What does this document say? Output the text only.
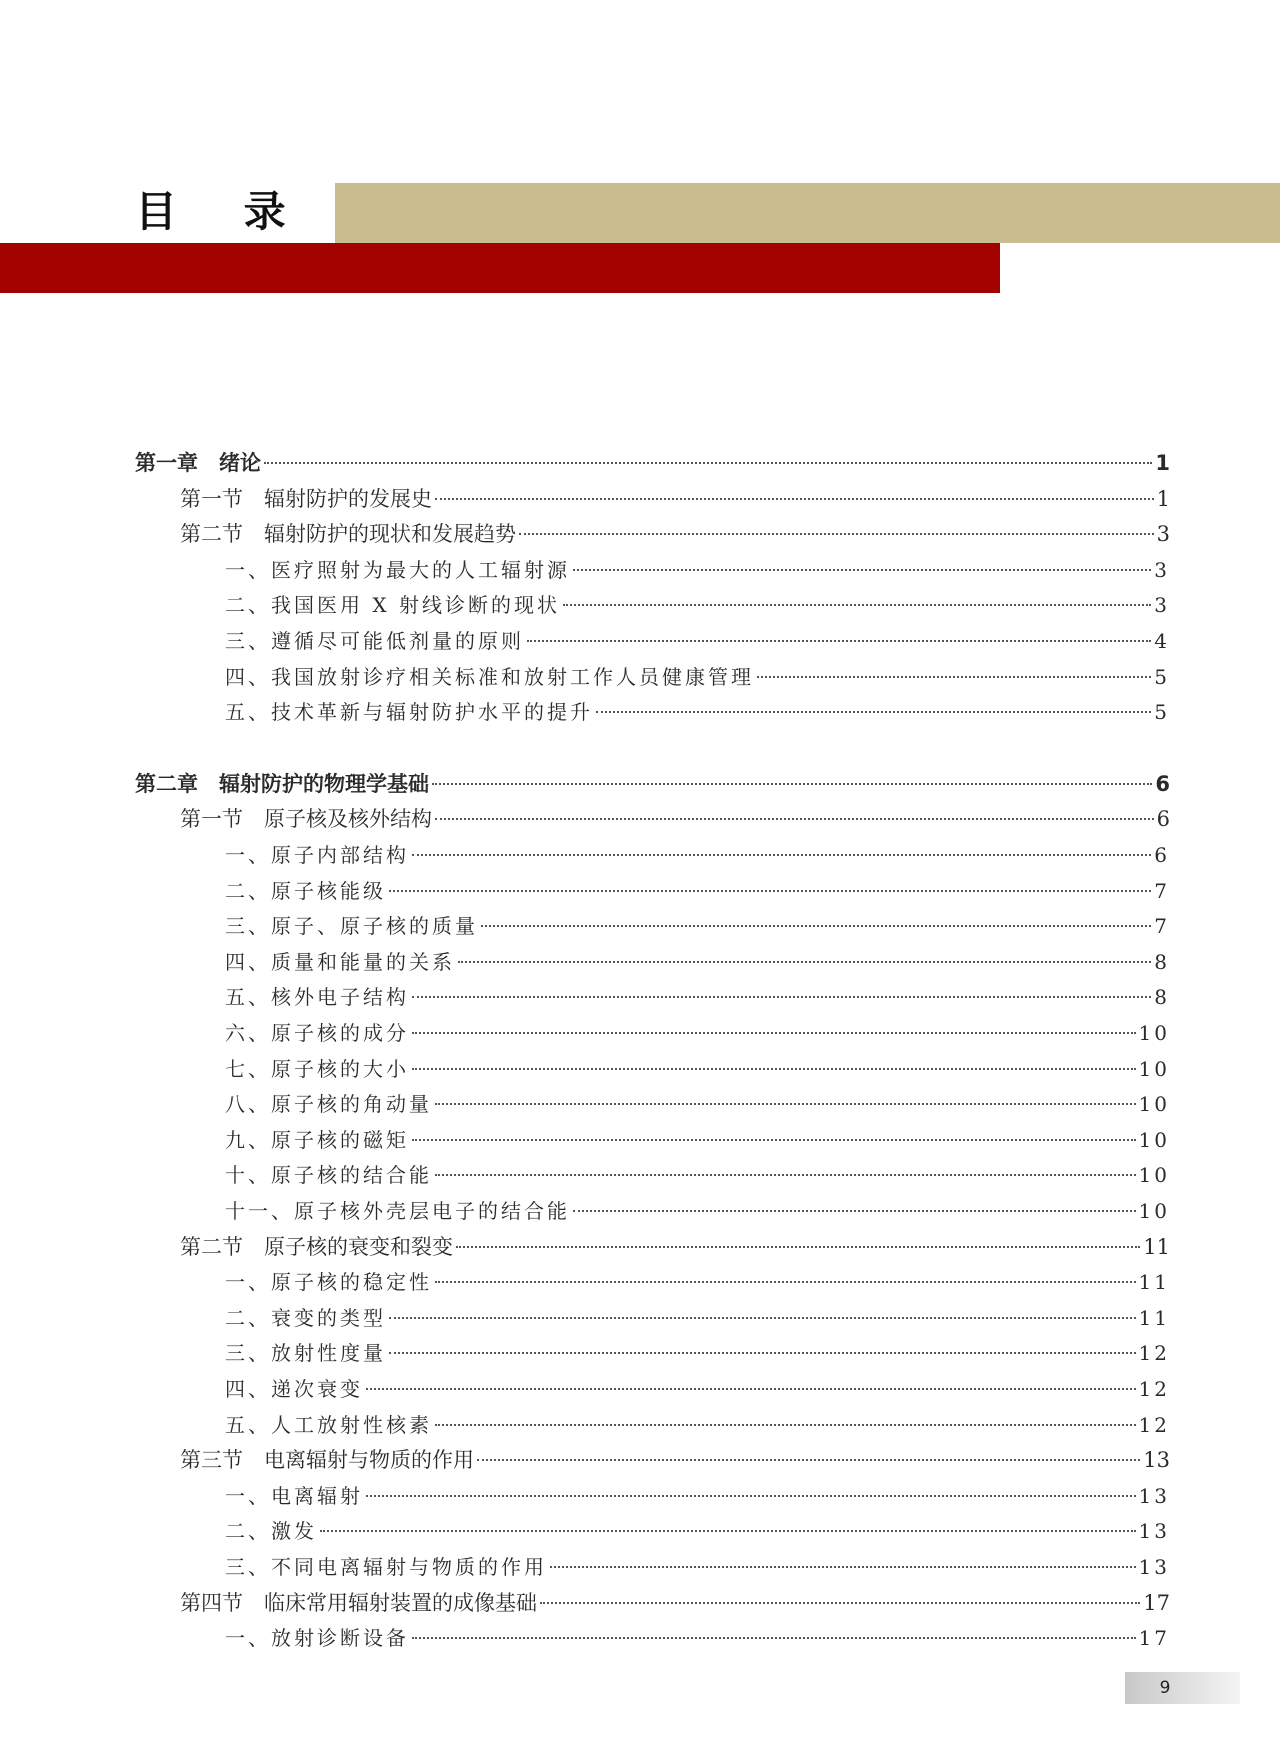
目 录
第一章　绪论	1
第一节　辐射防护的发展史	1
第二节　辐射防护的现状和发展趋势	3
一、医疗照射为最大的人工辐射源	3
二、我国医用 X 射线诊断的现状	3
三、遵循尽可能低剂量的原则	4
四、我国放射诊疗相关标准和放射工作人员健康管理	5
五、技术革新与辐射防护水平的提升	5
第二章　辐射防护的物理学基础	6
第一节　原子核及核外结构	6
一、原子内部结构	6
二、原子核能级	7
三、原子、原子核的质量	7
四、质量和能量的关系	8
五、核外电子结构	8
六、原子核的成分	10
七、原子核的大小	10
八、原子核的角动量	10
九、原子核的磁矩	10
十、原子核的结合能	10
十一、原子核外壳层电子的结合能	10
第二节　原子核的衰变和裂变	11
一、原子核的稳定性	11
二、衰变的类型	11
三、放射性度量	12
四、递次衰变	12
五、人工放射性核素	12
第三节　电离辐射与物质的作用	13
一、电离辐射	13
二、激发	13
三、不同电离辐射与物质的作用	13
第四节　临床常用辐射装置的成像基础	17
一、放射诊断设备	17
9
